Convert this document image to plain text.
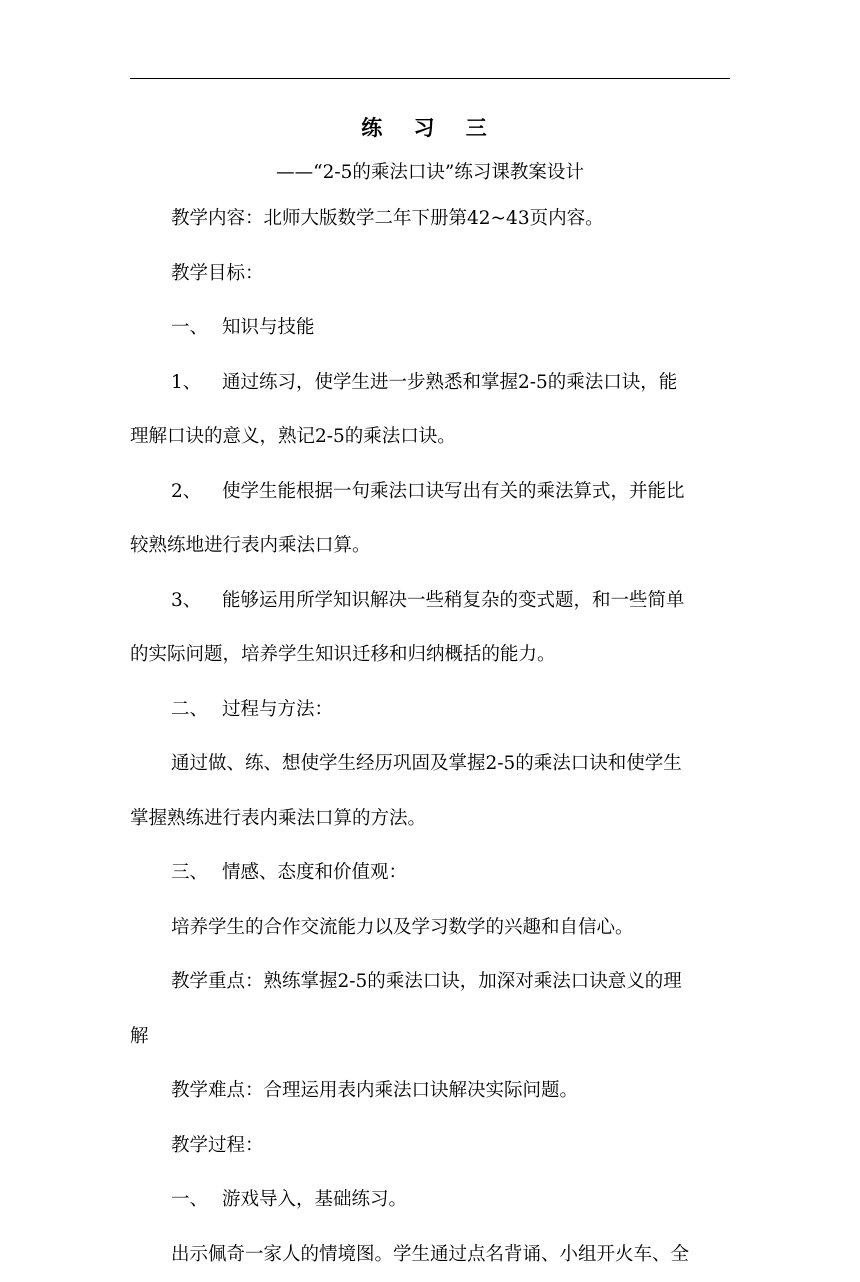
练 习 三
——“2-5的乘法口诀”练习课教案设计

教学内容：北师大版数学二年下册第42~43页内容。

教学目标：

一、 知识与技能

1、 通过练习，使学生进一步熟悉和掌握2-5的乘法口诀，能

理解口诀的意义，熟记2-5的乘法口诀。

2、 使学生能根据一句乘法口诀写出有关的乘法算式，并能比

较熟练地进行表内乘法口算。

3、 能够运用所学知识解决一些稍复杂的变式题，和一些简单

的实际问题，培养学生知识迁移和归纳概括的能力。

二、 过程与方法：

通过做、练、想使学生经历巩固及掌握2-5的乘法口诀和使学生

掌握熟练进行表内乘法口算的方法。

三、 情感、态度和价值观：

培养学生的合作交流能力以及学习数学的兴趣和自信心。

教学重点：熟练掌握2-5的乘法口诀，加深对乘法口诀意义的理

解

教学难点：合理运用表内乘法口诀解决实际问题。

教学过程：

一、 游戏导入，基础练习。

出示佩奇一家人的情境图。学生通过点名背诵、小组开火车、全
